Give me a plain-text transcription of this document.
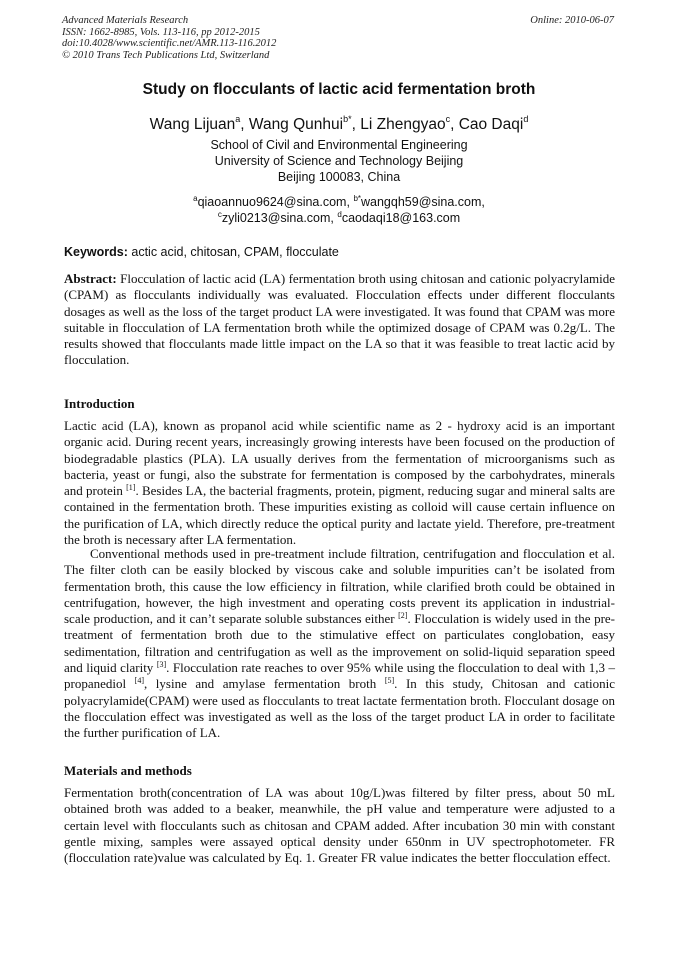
Advanced Materials Research
ISSN: 1662-8985, Vols. 113-116, pp 2012-2015
doi:10.4028/www.scientific.net/AMR.113-116.2012
© 2010 Trans Tech Publications Ltd, Switzerland
Online: 2010-06-07
Study on flocculants of lactic acid fermentation broth
Wang Lijuan$^a$, Wang Qunhui$^{b*}$, Li Zhengyao$^c$, Cao Daqi$^d$
School of Civil and Environmental Engineering
University of Science and Technology Beijing
Beijing 100083, China
$^a$qiaoannuo9624@sina.com, $^{b*}$wangqh59@sina.com,
$^c$zyli0213@sina.com, $^d$caodaqi18@163.com
Keywords: actic acid, chitosan, CPAM, flocculate
Abstract: Flocculation of lactic acid (LA) fermentation broth using chitosan and cationic polyacrylamide (CPAM) as flocculants individually was evaluated. Flocculation effects under different flocculants dosages as well as the loss of the target product LA were investigated. It was found that CPAM was more suitable in flocculation of LA fermentation broth while the optimized dosage of CPAM was 0.2g/L. The results showed that flocculants made little impact on the LA so that it was feasible to treat lactic acid by flocculation.
Introduction
Lactic acid (LA), known as propanol acid while scientific name as 2 - hydroxy acid is an important organic acid. During recent years, increasingly growing interests have been focused on the production of biodegradable plastics (PLA). LA usually derives from the fermentation of microorganisms such as bacteria, yeast or fungi, also the substrate for fermentation is composed by the carbohydrates, minerals and protein [1]. Besides LA, the bacterial fragments, protein, pigment, reducing sugar and mineral salts are contained in the fermentation broth. These impurities existing as colloid will cause certain influence on the purification of LA, which directly reduce the optical purity and lactate yield. Therefore, pre-treatment the broth is necessary after LA fermentation.
Conventional methods used in pre-treatment include filtration, centrifugation and flocculation et al. The filter cloth can be easily blocked by viscous cake and soluble impurities can’t be isolated from fermentation broth, this cause the low efficiency in filtration, while clarified broth could be obtained in centrifugation, however, the high investment and operating costs prevent its application in industrial-scale production, and it can’t separate soluble substances either [2]. Flocculation is widely used in the pre-treatment of fermentation broth due to the stimulative effect on particulates conglobation, easy sedimentation, filtration and centrifugation as well as the improvement on solid-liquid separation speed and liquid clarity [3]. Flocculation rate reaches to over 95% while using the flocculation to deal with 1,3 – propanediol [4], lysine and amylase fermentation broth [5]. In this study, Chitosan and cationic polyacrylamide(CPAM) were used as flocculants to treat lactate fermentation broth. Flocculant dosage on the flocculation effect was investigated as well as the loss of the target product LA in order to facilitate the further purification of LA.
Materials and methods
Fermentation broth(concentration of LA was about 10g/L)was filtered by filter press, about 50 mL obtained broth was added to a beaker, meanwhile, the pH value and temperature were adjusted to a certain level with flocculants such as chitosan and CPAM added. After incubation 30 min with constant gentle mixing, samples were assayed optical density under 650nm in UV spectrophotometer. FR (flocculation rate)value was calculated by Eq. 1. Greater FR value indicates the better flocculation effect.
